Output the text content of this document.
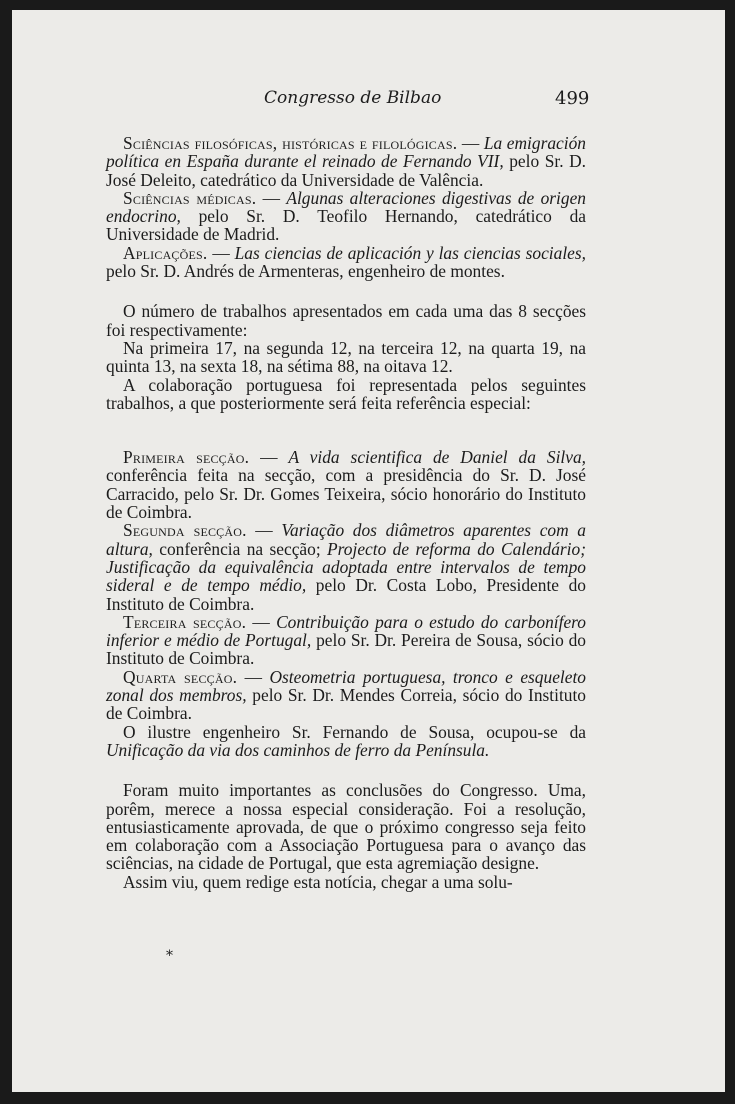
Congresso de Bilbao	499

Sciências filosóficas, históricas e filológicas. — La emigración política en España durante el reinado de Fernando VII, pelo Sr. D. José Deleito, catedrático da Universidade de Valência.

Sciências médicas. — Algunas alteraciones digestivas de origen endocrino, pelo Sr. D. Teofilo Hernando, catedrático da Universidade de Madrid.

Aplicações. — Las ciencias de aplicación y las ciencias sociales, pelo Sr. D. Andrés de Armenteras, engenheiro de montes.

O número de trabalhos apresentados em cada uma das 8 secções foi respectivamente:

Na primeira 17, na segunda 12, na terceira 12, na quarta 19, na quinta 13, na sexta 18, na sétima 88, na oitava 12.

A colaboração portuguesa foi representada pelos seguintes trabalhos, a que posteriormente será feita referência especial:

Primeira secção. — A vida scientifica de Daniel da Silva, conferência feita na secção, com a presidência do Sr. D. José Carracido, pelo Sr. Dr. Gomes Teixeira, sócio honorário do Instituto de Coimbra.

Segunda secção. — Variação dos diâmetros aparentes com a altura, conferência na secção; Projecto de reforma do Calendário; Justificação da equivalência adoptada entre intervalos de tempo sideral e de tempo médio, pelo Dr. Costa Lobo, Presidente do Instituto de Coimbra.

Terceira secção. — Contribuição para o estudo do carbonífero inferior e médio de Portugal, pelo Sr. Dr. Pereira de Sousa, sócio do Instituto de Coimbra.

Quarta secção. — Osteometria portuguesa, tronco e esqueleto zonal dos membros, pelo Sr. Dr. Mendes Correia, sócio do Instituto de Coimbra.

O ilustre engenheiro Sr. Fernando de Sousa, ocupou-se da Unificação da via dos caminhos de ferro da Península.

Foram muito importantes as conclusões do Congresso. Uma, porêm, merece a nossa especial consideração. Foi a resolução, entusiasticamente aprovada, de que o próximo congresso seja feito em colaboração com a Associação Portuguesa para o avanço das sciências, na cidade de Portugal, que esta agremiação designe.

Assim viu, quem redige esta notícia, chegar a uma solu-

*
